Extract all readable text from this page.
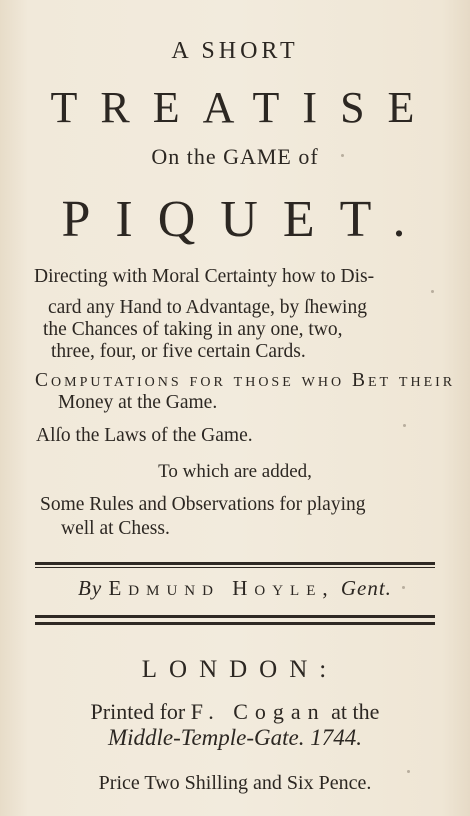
A SHORT
TREATISE
On the GAME of
PIQUET.
Directing with Moral Certainty how to Dis-
card any Hand to Advantage, by ſhewing
the Chances of taking in any one, two,
three, four, or five certain Cards.
Computations for thoſe who Bet their
Money at the Game.
Alſo the Laws of the Game.
To which are added,
Some Rules and Observations for playing
well at Chess.
By Edmund Hoyle, Gent.
LONDON:
Printed for F. Cogan at the
Middle-Temple-Gate. 1744.
Price Two Shilling and Six Pence.
